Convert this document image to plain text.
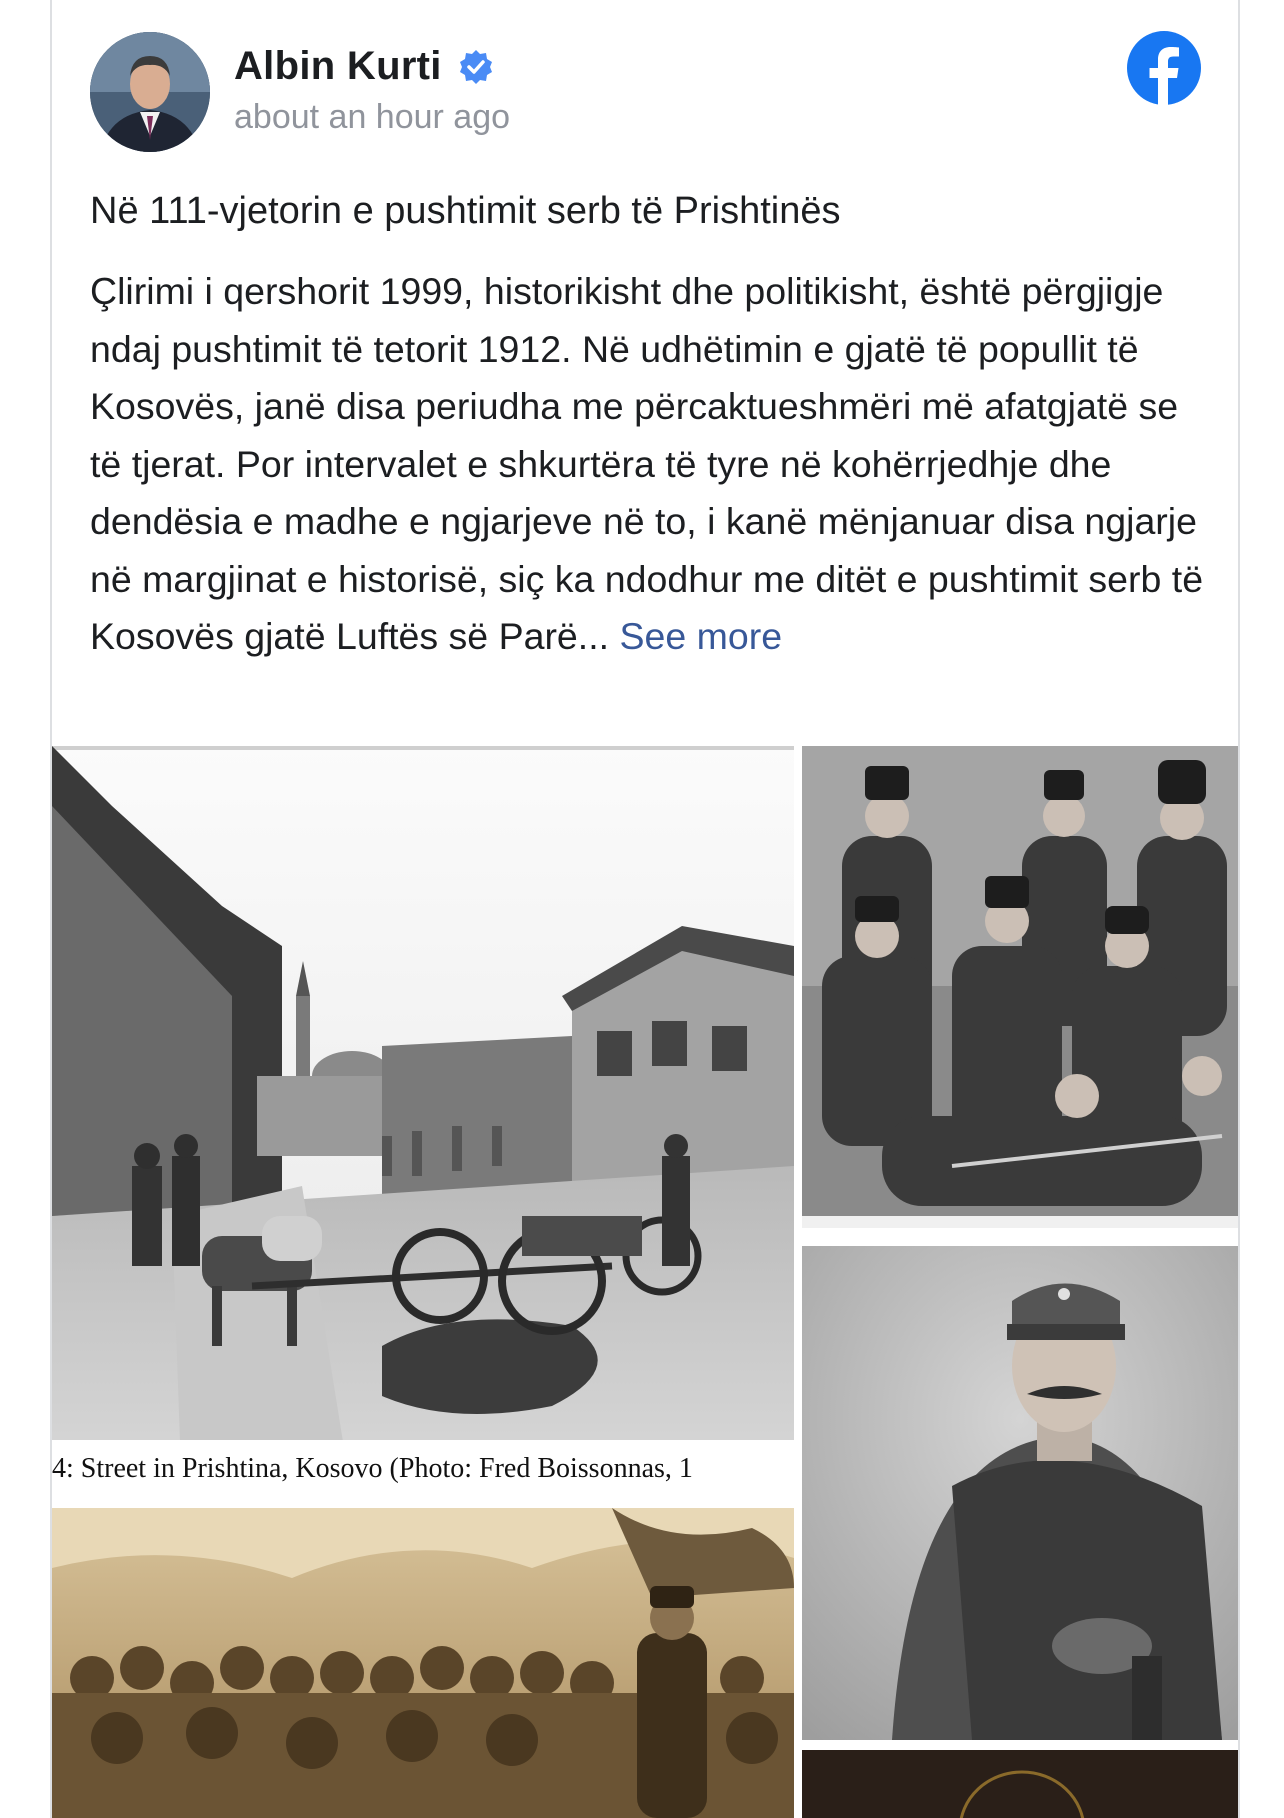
Albin Kurti
about an hour ago
Në 111-vjetorin e pushtimit serb të Prishtinës
Çlirimi i qershorit 1999, historikisht dhe politikisht, është përgjigje ndaj pushtimit të tetorit 1912. Në udhëtimin e gjatë të popullit të Kosovës, janë disa periudha me përcaktueshmëri më afatgjatë se të tjerat. Por intervalet e shkurtëra të tyre në kohërrjedhje dhe dendësia e madhe e ngjarjeve në to, i kanë mënjanuar disa ngjarje në margjinat e historisë, siç ka ndodhur me ditët e pushtimit serb të Kosovës gjatë Luftës së Parë... See more
4: Street in Prishtina, Kosovo (Photo: Fred Boissonnas, 1
